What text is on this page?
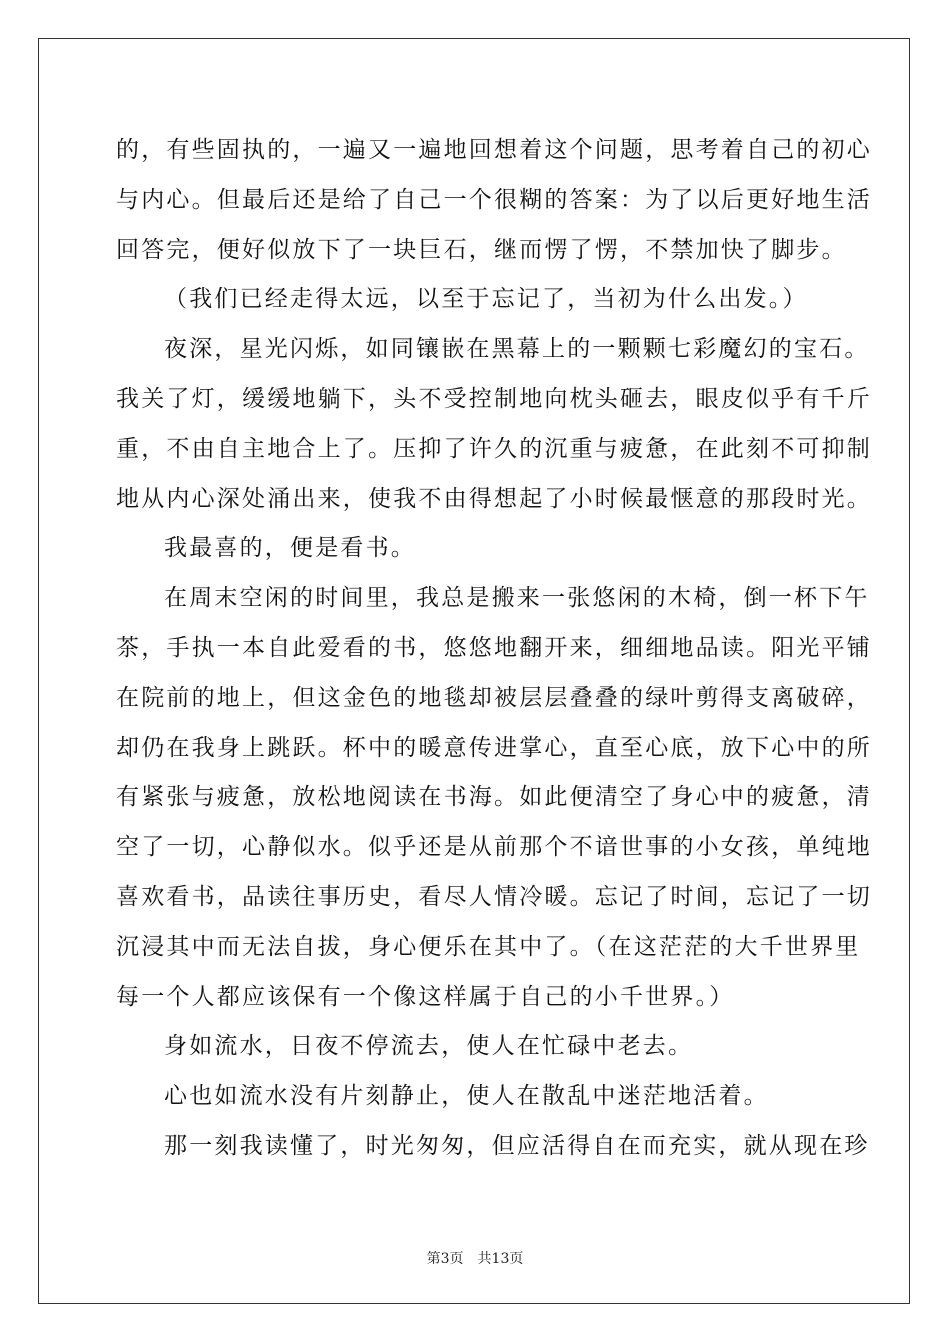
的，有些固执的，一遍又一遍地回想着这个问题，思考着自己的初心
与内心。但最后还是给了自己一个很糊的答案：为了以后更好地生活
回答完，便好似放下了一块巨石，继而愣了愣，不禁加快了脚步。
（我们已经走得太远，以至于忘记了，当初为什么出发。）
夜深，星光闪烁，如同镶嵌在黑幕上的一颗颗七彩魔幻的宝石。
我关了灯，缓缓地躺下，头不受控制地向枕头砸去，眼皮似乎有千斤
重，不由自主地合上了。压抑了许久的沉重与疲惫，在此刻不可抑制
地从内心深处涌出来，使我不由得想起了小时候最惬意的那段时光。
我最喜的，便是看书。
在周末空闲的时间里，我总是搬来一张悠闲的木椅，倒一杯下午
茶，手执一本自此爱看的书，悠悠地翻开来，细细地品读。阳光平铺
在院前的地上，但这金色的地毯却被层层叠叠的绿叶剪得支离破碎，
却仍在我身上跳跃。杯中的暖意传进掌心，直至心底，放下心中的所
有紧张与疲惫，放松地阅读在书海。如此便清空了身心中的疲惫，清
空了一切，心静似水。似乎还是从前那个不谙世事的小女孩，单纯地
喜欢看书，品读往事历史，看尽人情冷暖。忘记了时间，忘记了一切
沉浸其中而无法自拔，身心便乐在其中了。（在这茫茫的大千世界里
每一个人都应该保有一个像这样属于自己的小千世界。）
身如流水，日夜不停流去，使人在忙碌中老去。
心也如流水没有片刻静止，使人在散乱中迷茫地活着。
那一刻我读懂了，时光匆匆，但应活得自在而充实，就从现在珍
第3页 共13页
